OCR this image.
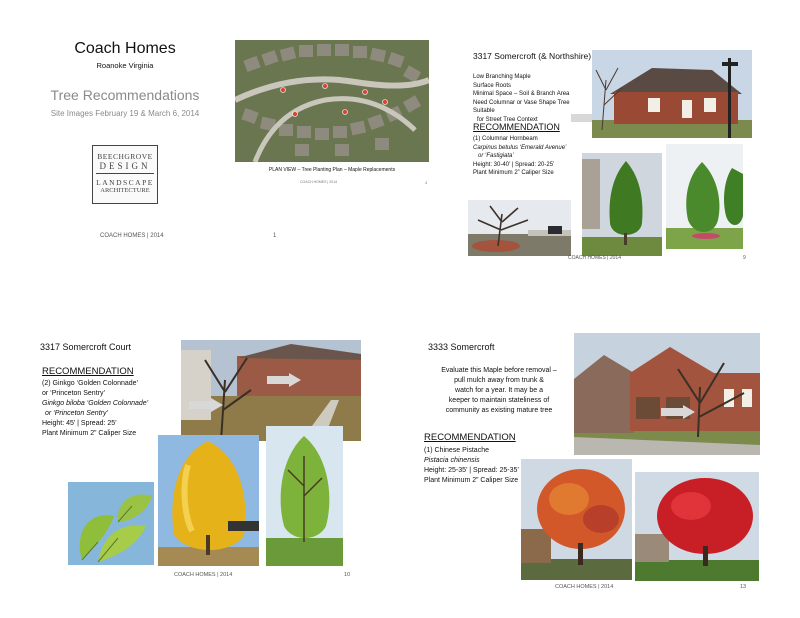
Coach Homes
Roanoke Virginia
Tree Recommendations
Site Images February 19 & March 6, 2014
BEECHGROVE
DESIGN
LANDSCAPE
ARCHITECTURE
COACH HOMES | 2014	1
PLAN VIEW – Tree Planting Plan – Maple Replacements
COACH HOMES | 2014	4
3317 Somercroft (& Northshire)
Low Branching Maple
Surface Roots
Minimal Space – Soil & Branch Area
Need Columnar or Vase Shape Tree Suitable
for Street Tree Context
RECOMMENDATION
(1) Columnar Hornbeam
Carpinus betulus ‘Emerald Avenue’
or ‘Fastigiata’
Height: 30-40’ | Spread: 20-25’
Plant Minimum 2” Caliper Size
COACH HOMES | 2014	9
3317 Somercroft Court
RECOMMENDATION
(2) Ginkgo ‘Golden Colonnade’
or ‘Princeton Sentry’
Ginkgo biloba ‘Golden Colonnade’
or ‘Princeton Sentry’
Height: 45’ | Spread: 25’
Plant Minimum 2” Caliper Size
COACH HOMES | 2014	10
3333 Somercroft
Evaluate this Maple before removal –
pull mulch away from trunk &
watch for a year. It may be a
keeper to maintain stateliness of
community as existing mature tree
RECOMMENDATION
(1) Chinese Pistache
Pistacia chinensis
Height: 25-35’ | Spread: 25-35’
Plant Minimum 2” Caliper Size
COACH HOMES | 2014	13
